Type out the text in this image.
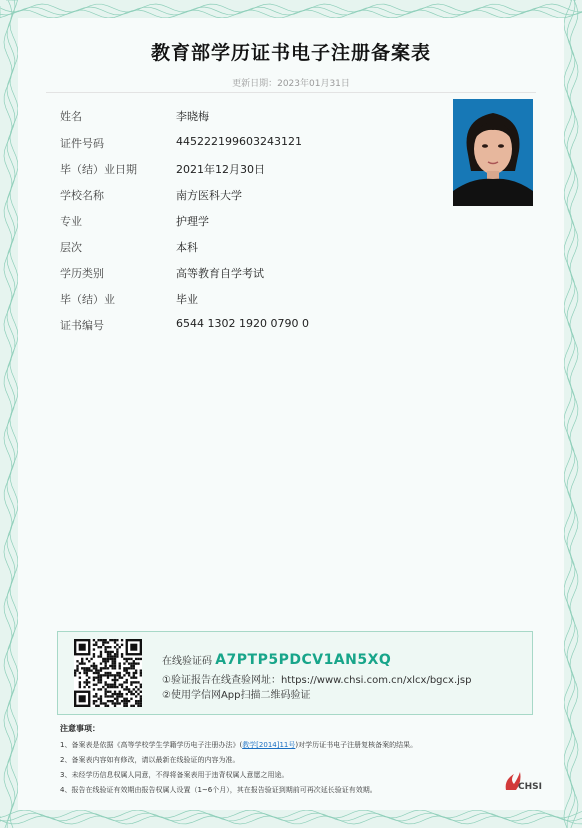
教育部学历证书电子注册备案表
更新日期：2023年01月31日
姓名	李晓梅
证件号码	445222199603243121
毕（结）业日期	2021年12月30日
学校名称	南方医科大学
专业	护理学
层次	本科
学历类别	高等教育自学考试
毕（结）业	毕业
证书编号	6544 1302 1920 0790 0
在线验证码 A7PTP5PDCV1AN5XQ
①验证报告在线查验网址：https://www.chsi.com.cn/xlcx/bgcx.jsp
②使用学信网App扫描二维码验证
注意事项：
1、备案表是依据《高等学校学生学籍学历电子注册办法》(教学[2014]11号)对学历证书电子注册复核备案的结果。
2、备案表内容如有修改，请以最新在线验证的内容为准。
3、未经学历信息权属人同意，不得将备案表用于违背权属人意愿之用途。
4、报告在线验证有效期由报告权属人设置（1~6个月），其在报告验证到期前可再次延长验证有效期。	CHSI
